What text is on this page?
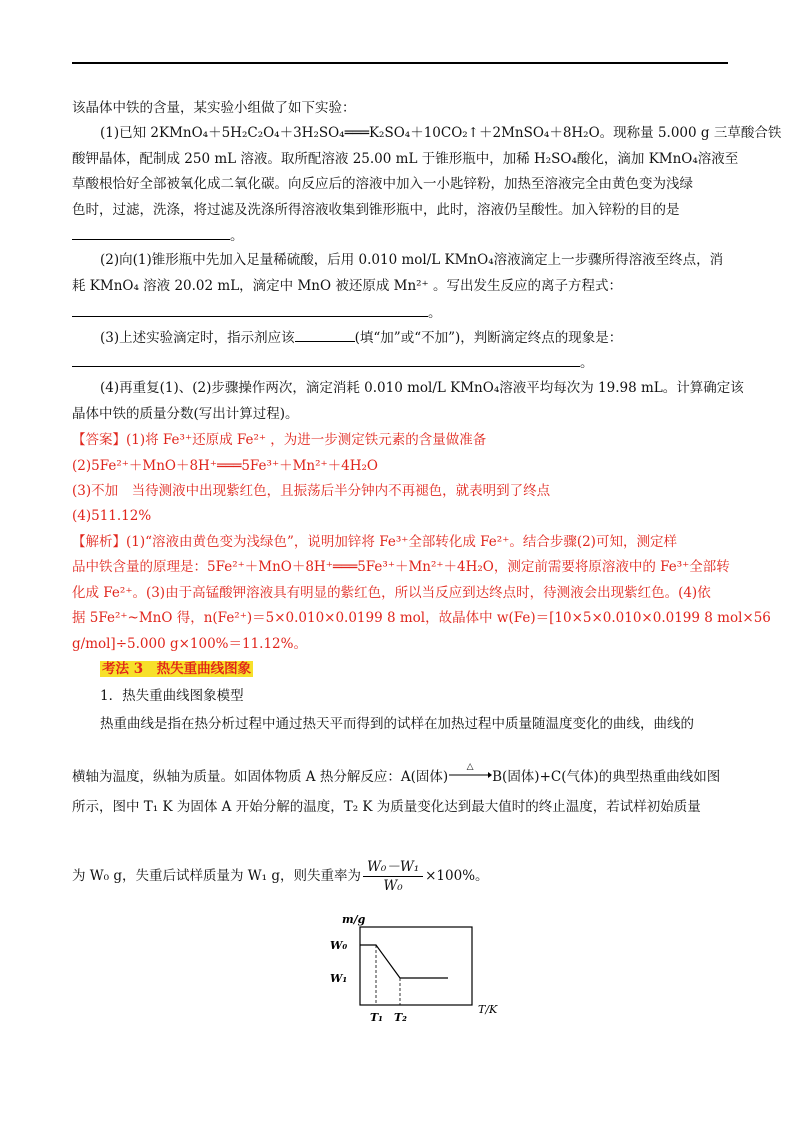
该晶体中铁的含量，某实验小组做了如下实验：
(1)已知 2KMnO₄＋5H₂C₂O₄＋3H₂SO₄═══K₂SO₄＋10CO₂↑＋2MnSO₄＋8H₂O。现称量 5.000 g 三草酸合铁
酸钾晶体，配制成 250 mL 溶液。取所配溶液 25.00 mL 于锥形瓶中，加稀 H₂SO₄酸化，滴加 KMnO₄溶液至
草酸根恰好全部被氧化成二氧化碳。向反应后的溶液中加入一小匙锌粉，加热至溶液完全由黄色变为浅绿
色时，过滤，洗涤，将过滤及洗涤所得溶液收集到锥形瓶中，此时，溶液仍呈酸性。加入锌粉的目的是
。
(2)向(1)锥形瓶中先加入足量稀硫酸，后用 0.010 mol/L KMnO₄溶液滴定上一步骤所得溶液至终点，消
耗 KMnO₄ 溶液 20.02 mL，滴定中 MnO 被还原成 Mn²⁺ 。写出发生反应的离子方程式：
。
(3)上述实验滴定时，指示剂应该	(填“加”或“不加”)，判断滴定终点的现象是：
。
(4)再重复(1)、(2)步骤操作两次，滴定消耗 0.010 mol/L KMnO₄溶液平均每次为 19.98 mL。计算确定该
晶体中铁的质量分数(写出计算过程)。
【答案】(1)将 Fe³⁺还原成 Fe²⁺ ，为进一步测定铁元素的含量做准备
(2)5Fe²⁺＋MnO＋8H⁺═══5Fe³⁺＋Mn²⁺＋4H₂O
(3)不加　当待测液中出现紫红色，且振荡后半分钟内不再褪色，就表明到了终点
(4)511.12%
【解析】(1)“溶液由黄色变为浅绿色”，说明加锌将 Fe³⁺全部转化成 Fe²⁺。结合步骤(2)可知，测定样
品中铁含量的原理是：5Fe²⁺＋MnO＋8H⁺═══5Fe³⁺＋Mn²⁺＋4H₂O，测定前需要将原溶液中的 Fe³⁺全部转
化成 Fe²⁺。(3)由于高锰酸钾溶液具有明显的紫红色，所以当反应到达终点时，待测液会出现紫红色。(4)依
据 5Fe²⁺~MnO 得，n(Fe²⁺)＝5×0.010×0.0199 8 mol，故晶体中 w(Fe)＝[10×5×0.010×0.0199 8 mol×56
g/mol]÷5.000 g×100%＝11.12%。
考法 3　热失重曲线图象
1．热失重曲线图象模型
热重曲线是指在热分析过程中通过热天平而得到的试样在加热过程中质量随温度变化的曲线，曲线的
横轴为温度，纵轴为质量。如固体物质 A 热分解反应：A(固体)
△
B(固体)+C(气体)的典型热重曲线如图
所示，图中 T₁ K 为固体 A 开始分解的温度，T₂ K 为质量变化达到最大值时的终止温度，若试样初始质量
为 W₀ g，失重后试样质量为 W₁ g，则失重率为 $\frac{\text{W₀－W₁}}{\text{W₀}} \times 100\%$。
m/g
T/K
W₀
W₁
T₁ T₂
